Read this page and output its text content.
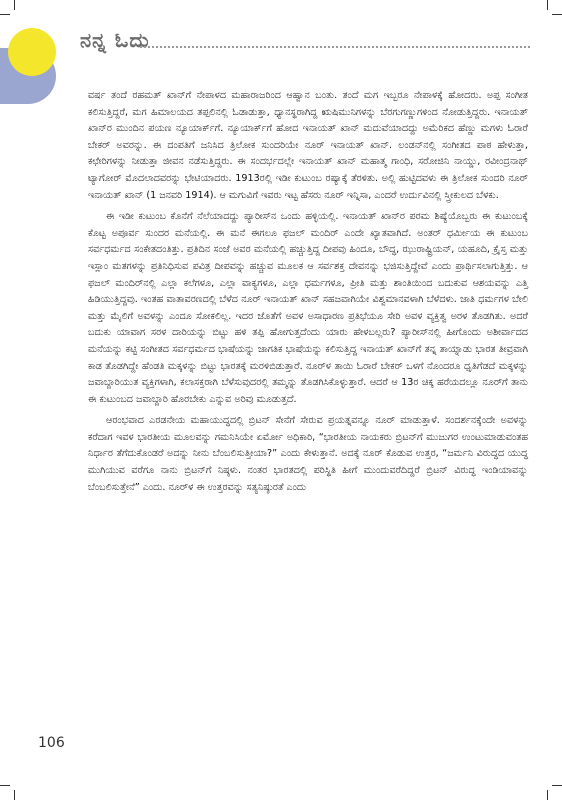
ನನ್ನ ಓದು

ವರ್ಷ ತಂದೆ ರಹಮತ್ ಖಾನ್‌ಗೆ ನೇಪಾಳದ ಮಹಾರಾಜರಿಂದ ಆಹ್ವಾನ ಬಂತು. ತಂದೆ ಮಗ ಇಬ್ಬರೂ ನೇಪಾಳಕ್ಕೆ ಹೋದರು. ಅಪ್ಪ ಸಂಗೀತ ಕಲಿಸುತ್ತಿದ್ದರೆ, ಮಗ ಹಿಮಾಲಯದ ತಪ್ಪಲಿನಲ್ಲಿ ಓಡಾಡುತ್ತಾ, ಧ್ಯಾನಸ್ಥರಾಗಿದ್ದ ಋಷಿಮುನಿಗಳನ್ನು ಬೆರಗುಗಣ್ಣುಗಳಿಂದ ನೋಡುತ್ತಿದ್ದರು. ಇನಾಯತ್ ಖಾನ್‌ರ ಮುಂದಿನ ಪಯಣ ನ್ಯೂಯಾರ್ಕ್‌ಗೆ. ನ್ಯೂಯಾರ್ಕ್‌ಗೆ ಹೋದ ಇನಾಯತ್ ಖಾನ್ ಮದುವೆಯಾದದ್ದು ಅಮೆರಿಕದ ಹೆಣ್ಣು ಮಗಳು ಓರಾರೆ ಬೇಕರ್ ಅವರನ್ನು. ಈ ದಂಪತಿಗೆ ಜನಿಸಿದ ತ್ರಿಲೋಕ ಸುಂದರಿಯೇ ನೂರ್ ಇನಾಯತ್ ಖಾನ್. ಲಂಡನ್‌ನಲ್ಲಿ ಸಂಗೀತದ ಪಾಠ ಹೇಳುತ್ತಾ, ಕಛೇರಿಗಳನ್ನು ನೀಡುತ್ತಾ ಜೀವನ ನಡೆಸುತ್ತಿದ್ದರು. ಈ ಸಂದರ್ಭದಲ್ಲೇ ಇನಾಯತ್ ಖಾನ್ ಮಹಾತ್ಮ ಗಾಂಧಿ, ಸರೋಜಿನಿ ನಾಯ್ಡು, ರವೀಂದ್ರನಾಥ್ ಟ್ಯಾಗೋರ್ ಮೊದಲಾದವರನ್ನು ಭೇಟಿಯಾದರು. 1913ರಲ್ಲಿ ಇಡೀ ಕುಟುಂಬ ರಷ್ಯಾಕ್ಕೆ ತೆರಳಿತು. ಅಲ್ಲಿ ಹುಟ್ಟಿದವಳು ಈ ತ್ರಿಲೋಕ ಸುಂದರಿ ನೂರ್ ಇನಾಯತ್ ಖಾನ್ (1 ಜನವರಿ 1914). ಆ ಮಗುವಿಗೆ ಇವರು ಇಟ್ಟ ಹೆಸರು ನೂರ್ ಇನ್ನಿಸಾ, ಎಂದರೆ ಉರ್ದುವಿನಲ್ಲಿ ಸ್ತ್ರೀಕುಲದ ಬೆಳಕು.

ಈ ಇಡೀ ಕುಟುಂಬ ಕೊನೆಗೆ ನೆಲೆಯಾದದ್ದು ಪ್ಯಾರೀಸ್‌ನ ಒಂದು ಹಳ್ಳಿಯಲ್ಲಿ. ಇನಾಯತ್ ಖಾನ್‌ರ ಪರಮ ಶಿಷ್ಯೆಯೊಬ್ಬರು ಈ ಕುಟುಂಬಕ್ಕೆ ಕೊಟ್ಟ ಅಪೂರ್ವ ಸುಂದರ ಮನೆಯಲ್ಲಿ. ಈ ಮನೆ ಈಗಲೂ ಫಜಲ್ ಮಂದಿರ್ ಎಂದೇ ಖ್ಯಾತವಾಗಿದೆ. ಅಂತರ್ ಧರ್ಮೀಯ ಈ ಕುಟುಂಬ ಸರ್ವಧರ್ಮದ ಸಂಕೇತದಂತಿತ್ತು. ಪ್ರತಿದಿನ ಸಂಜೆ ಅವರ ಮನೆಯಲ್ಲಿ ಹಚ್ಚುತ್ತಿದ್ದ ದೀಪವು ಹಿಂದೂ, ಬೌದ್ಧ, ಝುರಾಷ್ಟ್ರಿಯನ್, ಯಹೂದಿ, ಕ್ರೈಸ್ತ ಮತ್ತು ಇಸ್ಲಾಂ ಮತಗಳನ್ನು ಪ್ರತಿನಿಧಿಸುವ ಪವಿತ್ರ ದೀಪವನ್ನು ಹಚ್ಚುವ ಮೂಲಕ ಆ ಸರ್ವಶಕ್ತ ದೇವನನ್ನು ಭಜಿಸುತ್ತಿದ್ದೇವೆ ಎಂದು ಪ್ರಾರ್ಥಿಸಲಾಗುತ್ತಿತ್ತು. ಆ ಫಜಲ್ ಮಂದಿರ್‌ನಲ್ಲಿ ಎಲ್ಲಾ ಕಲೆಗಳೂ, ಎಲ್ಲಾ ವಾಕ್ಯಗಳೂ, ಎಲ್ಲಾ ಧರ್ಮಗಳೂ, ಪ್ರೀತಿ ಮತ್ತು ಶಾಂತಿಯಿಂದ ಬದುಕುವ ಆಶಯವನ್ನು ಎತ್ತಿ ಹಿಡಿಯುತ್ತಿದ್ದವು. ಇಂತಹ ವಾತಾವರಣದಲ್ಲಿ ಬೆಳೆದ ನೂರ್ ಇನಾಯತ್ ಖಾನ್ ಸಹಜವಾಗಿಯೇ ವಿಶ್ವಮಾನವಳಾಗಿ ಬೆಳೆದಳು. ಜಾತಿ ಧರ್ಮಗಳ ಬೇಲಿ ಮತ್ತು ಮೈಲಿಗೆ ಅವಳನ್ನು ಎಂದೂ ಸೋಕಲಿಲ್ಲ. ಇದರ ಜೊತೆಗೆ ಅವಳ ಅಸಾಧಾರಣ ಪ್ರತಿಭೆಯೂ ಸೇರಿ ಅವಳ ವ್ಯಕ್ತಿತ್ವ ಅರಳ ತೊಡಗಿತು. ಅದರೆ ಬದುಕು ಯಾವಾಗ ಸರಳ ದಾರಿಯನ್ನು ಬಿಟ್ಟು ಹಳಿ ತಪ್ಪಿ ಹೋಗುತ್ತದೆಂದು ಯಾರು ಹೇಳಬಲ್ಲರು? ಪ್ಯಾರೀಸ್‌ನಲ್ಲಿ ಹೀಗೊಂದು ಅಶೀರ್ವಾದದ ಮನೆಯನ್ನು ಕಟ್ಟಿ ಸಂಗೀತದ ಸರ್ವಧರ್ಮದ ಭಾಷೆಯನ್ನು ಜಾಗತಿಕ ಭಾಷೆಯನ್ನು ಕಲಿಸುತ್ತಿದ್ದ ಇನಾಯತ್ ಖಾನ್‌ಗೆ ತನ್ನ ತಾಯ್ನಾಡು ಭಾರತ ತೀವ್ರವಾಗಿ ಕಾಡ ತೊಡಗಿದ್ದೇ ಹೆಂಡತಿ ಮಕ್ಕಳನ್ನು ಬಿಟ್ಟು ಭಾರತಕ್ಕೆ ಮರಳಿಬಿಡುತ್ತಾರೆ. ನೂರ್‌ಳ ತಾಯಿ ಓರಾರೆ ಬೇಕರ್ ಒಳಗೆ ನೊಂದರೂ ಧೃತಿಗೆಡದೆ ಮಕ್ಕಳನ್ನು ಜವಾಬ್ದಾರಿಯುತ ವ್ಯಕ್ತಿಗಳಾಗಿ, ಕಲಾಸಕ್ತರಾಗಿ ಬೆಳೆಸುವುದರಲ್ಲಿ ತಮ್ಮನ್ನು ತೊಡಗಿಸಿಕೊಳ್ಳುತ್ತಾರೆ. ಆದರೆ ಆ 13ರ ಚಿಕ್ಕ ಹರೆಯದಲ್ಲೂ ನೂರ್‌ಗೆ ತಾನು ಈ ಕುಟುಂಬದ ಜವಾಬ್ದಾರಿ ಹೊರಬೇಕು ಎನ್ನುವ ಅರಿವು ಮೂಡುತ್ತದೆ.

ಆರಂಭವಾದ ಎರಡನೇಯ ಮಹಾಯುದ್ಧದಲ್ಲಿ ಬ್ರಿಟನ್ ಸೇನೆಗೆ ಸೇರುವ ಪ್ರಯತ್ನವನ್ನೂ ನೂರ್ ಮಾಡುತ್ತಾಳೆ. ಸಂದರ್ಶನಕ್ಕೆಂದೇ ಅವಳನ್ನು ಕರೆದಾಗ ಇವಳ ಭಾರತೀಯ ಮೂಲವನ್ನು ಗಮನಿಸಿಯೇ ಏರ್ಮೋ ಅಧಿಕಾರಿ, “ಭಾರತೀಯ ನಾಯಕರು ಬ್ರಿಟನ್‌ಗೆ ಮುಜುಗರ ಉಂಟುಮಾಡುವಂತಹ ನಿರ್ಧಾರ ತೆಗೆದುಕೊಂಡರೆ ಅದನ್ನು ನೀನು ಬೆಂಬಲಿಸುತ್ತೀಯಾ?” ಎಂದು ಕೇಳುತ್ತಾನೆ. ಅದಕ್ಕೆ ನೂರ್ ಕೊಡುವ ಉತ್ತರ, “ಜರ್ಮನಿ ವಿರುದ್ಧದ ಯುದ್ಧ ಮುಗಿಯುವ ವರೆಗೂ ನಾನು ಬ್ರಿಟನ್‌ಗೆ ನಿಷ್ಠಳು. ನಂತರ ಭಾರತದಲ್ಲಿ ಪರಿಸ್ಥಿತಿ ಹೀಗೆ ಮುಂದುವರೆದಿದ್ದರೆ ಬ್ರಿಟನ್ ವಿರುದ್ಧ ಇಂಡಿಯಾವನ್ನು ಬೆಂಬಲಿಸುತ್ತೇನೆ” ಎಂದು. ನೂರ್‌ಳ ಈ ಉತ್ತರವನ್ನು ಸತ್ಯನಿಷ್ಠುರತೆ ಎಂದು

106
